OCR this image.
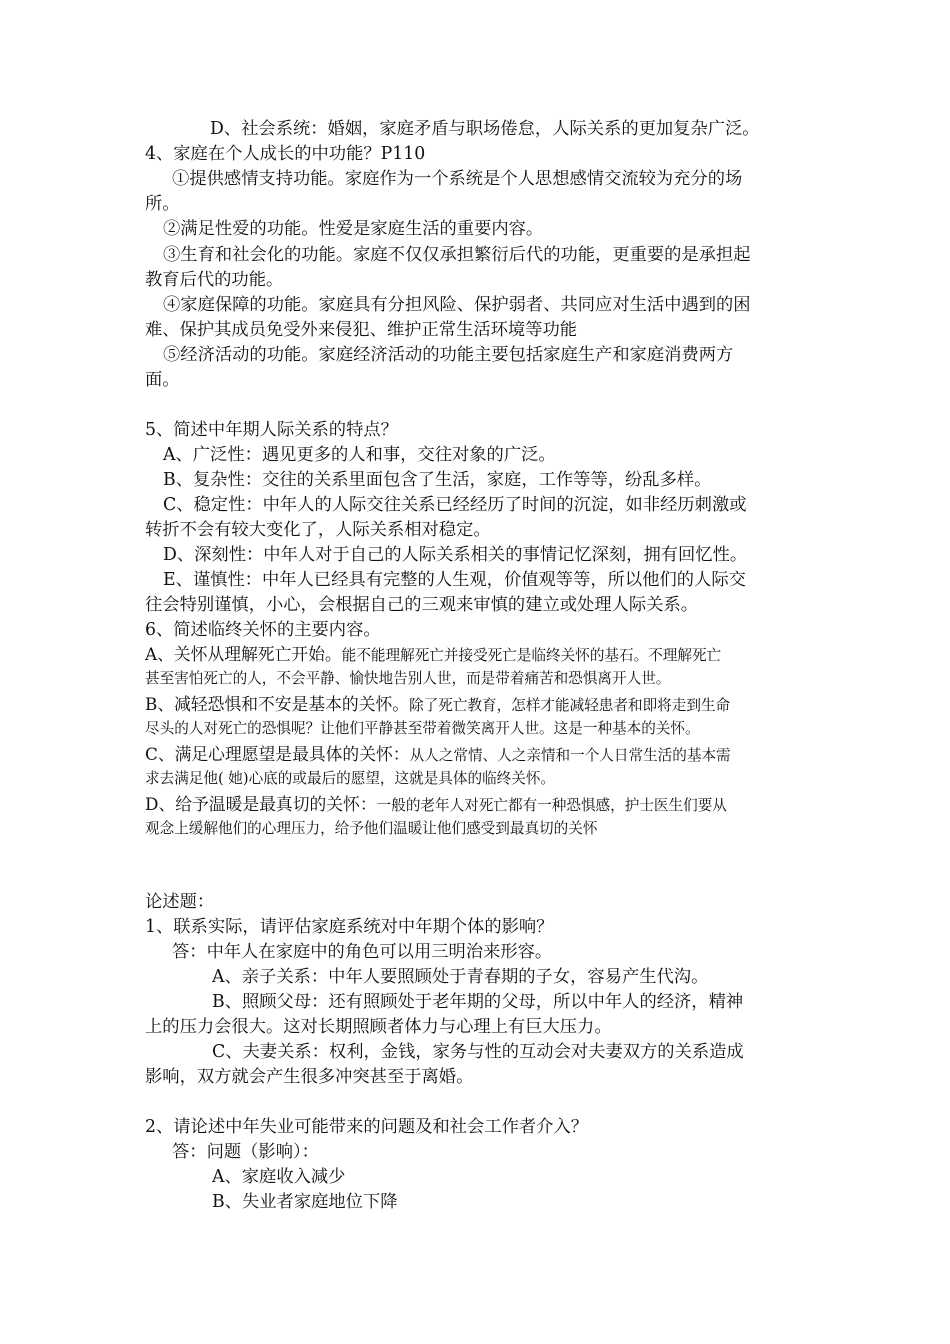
D、社会系统：婚姻，家庭矛盾与职场倦怠，人际关系的更加复杂广泛。
4、家庭在个人成长的中功能？P110
①提供感情支持功能。家庭作为一个系统是个人思想感情交流较为充分的场
所。
②满足性爱的功能。性爱是家庭生活的重要内容。
③生育和社会化的功能。家庭不仅仅承担繁衍后代的功能，更重要的是承担起
教育后代的功能。
④家庭保障的功能。家庭具有分担风险、保护弱者、共同应对生活中遇到的困
难、保护其成员免受外来侵犯、维护正常生活环境等功能
⑤经济活动的功能。家庭经济活动的功能主要包括家庭生产和家庭消费两方
面。
5、简述中年期人际关系的特点？
A、广泛性：遇见更多的人和事，交往对象的广泛。
B、复杂性：交往的关系里面包含了生活，家庭，工作等等，纷乱多样。
C、稳定性：中年人的人际交往关系已经经历了时间的沉淀，如非经历刺激或
转折不会有较大变化了，人际关系相对稳定。
D、深刻性：中年人对于自己的人际关系相关的事情记忆深刻，拥有回忆性。
E、谨慎性：中年人已经具有完整的人生观，价值观等等，所以他们的人际交
往会特别谨慎，小心，会根据自己的三观来审慎的建立或处理人际关系。
6、简述临终关怀的主要内容。
A、关怀从理解死亡开始。能不能理解死亡并接受死亡是临终关怀的基石。不理解死亡
甚至害怕死亡的人，不会平静、愉快地告别人世，而是带着痛苦和恐惧离开人世。
B、减轻恐惧和不安是基本的关怀。除了死亡教育，怎样才能减轻患者和即将走到生命
尽头的人对死亡的恐惧呢？让他们平静甚至带着微笑离开人世。这是一种基本的关怀。
C、满足心理愿望是最具体的关怀：从人之常情、人之亲情和一个人日常生活的基本需
求去满足他( 她)心底的或最后的愿望，这就是具体的临终关怀。
D、给予温暖是最真切的关怀：一般的老年人对死亡都有一种恐惧感，护士医生们要从
观念上缓解他们的心理压力，给予他们温暖让他们感受到最真切的关怀
论述题：
1、联系实际，请评估家庭系统对中年期个体的影响？
答：中年人在家庭中的角色可以用三明治来形容。
A、亲子关系：中年人要照顾处于青春期的子女，容易产生代沟。
B、照顾父母：还有照顾处于老年期的父母，所以中年人的经济，精神
上的压力会很大。这对长期照顾者体力与心理上有巨大压力。
C、夫妻关系：权利，金钱，家务与性的互动会对夫妻双方的关系造成
影响，双方就会产生很多冲突甚至于离婚。
2、请论述中年失业可能带来的问题及和社会工作者介入？
答：问题（影响）：
A、家庭收入减少
B、失业者家庭地位下降
